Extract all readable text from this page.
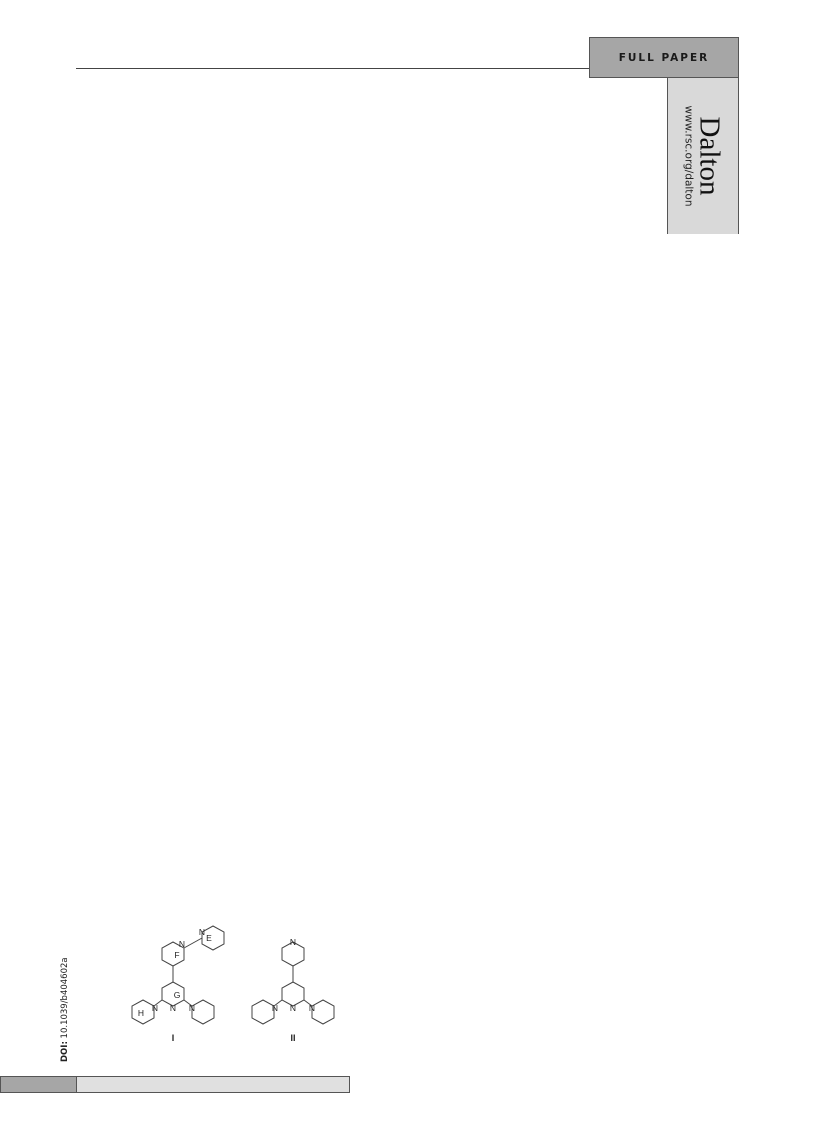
FULL PAPER
Dalton
www.rsc.org/dalton
DOI: 10.1039/b404602a
E
F
G
H
N
N
N
N	N
N
N
N	N
I	II
